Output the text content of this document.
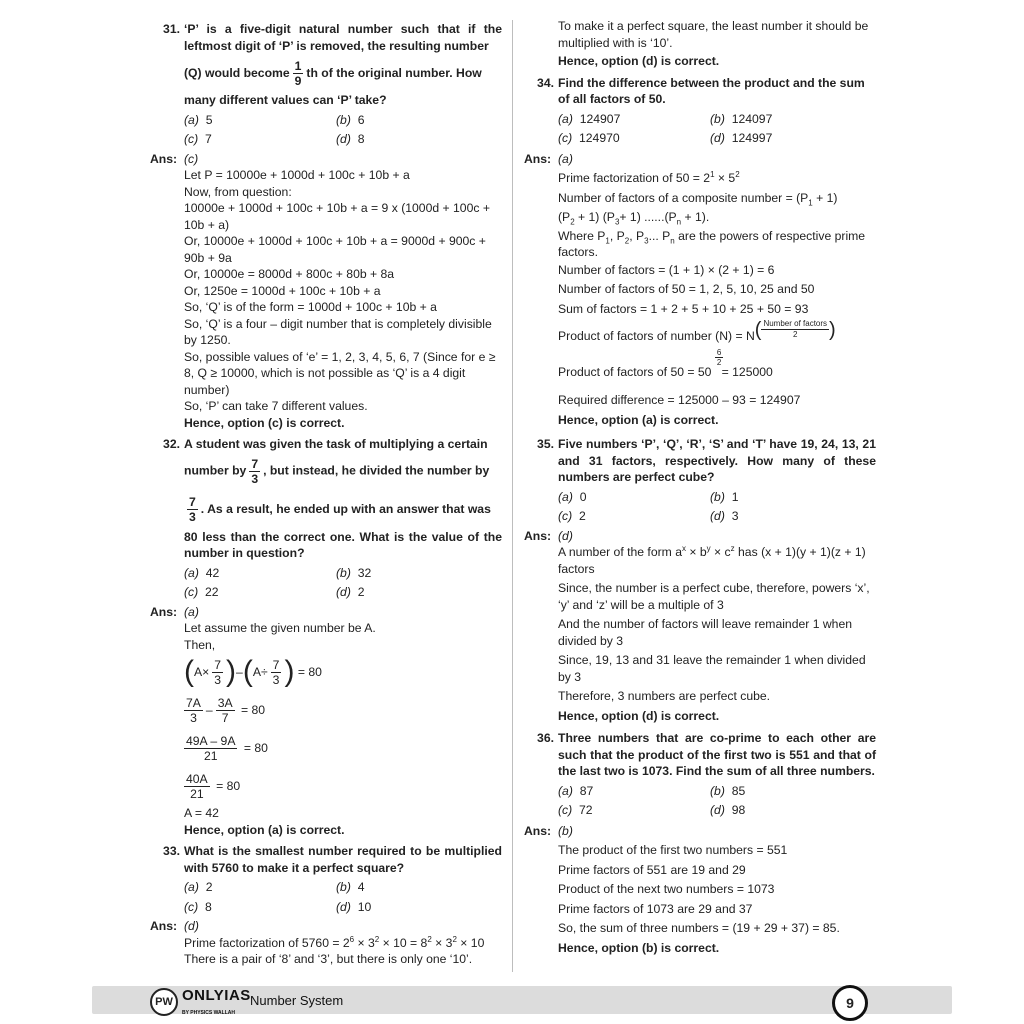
31. ‘P’ is a five-digit natural number such that if the leftmost digit of ‘P’ is removed, the resulting number
(Q) would become $\frac{1}{9}$ th of the original number. How
many different values can ‘P’ take?
(a) 5	(b) 6
(c) 7	(d) 8
Ans: (c)
Let P = 10000e + 1000d + 100c + 10b + a
Now, from question:
10000e + 1000d + 100c + 10b + a = 9 x (1000d + 100c + 10b + a)
Or, 10000e + 1000d + 100c + 10b + a = 9000d + 900c + 90b + 9a
Or, 10000e = 8000d + 800c + 80b + 8a
Or, 1250e = 1000d + 100c + 10b + a
So, ‘Q’ is of the form = 1000d + 100c + 10b + a
So, ‘Q’ is a four – digit number that is completely divisible by 1250.
So, possible values of ‘e’ = 1, 2, 3, 4, 5, 6, 7 (Since for e ≥ 8, Q ≥ 10000, which is not possible as ‘Q’ is a 4 digit number)
So, ‘P’ can take 7 different values.
Hence, option (c) is correct.
32. A student was given the task of multiplying a certain
number by $\frac{7}{3}$ , but instead, he divided the number by
$\frac{7}{3}$ . As a result, he ended up with an answer that was
80 less than the correct one. What is the value of the number in question?
(a) 42	(b) 32
(c) 22	(d) 2
Ans: (a)
Let assume the given number be A.
Then,
( $A \times \frac{7}{3}$ ) – ( $A \div \frac{7}{3}$ )
= 80
$\frac{7A}{3} - \frac{3A}{7}$
= 80
$\frac{49A - 9A}{21}$
= 80
$\frac{40A}{21}$
= 80
A = 42
Hence, option (a) is correct.
33. What is the smallest number required to be multiplied with 5760 to make it a perfect square?
(a) 2	(b) 4
(c) 8	(d) 10
Ans: (d)
Prime factorization of $5760 = 2^6 \times 3^2 \times 10 = 8^2 \times 3^2 \times 10$
There is a pair of ‘8’ and ‘3’, but there is only one ‘10’.
To make it a perfect square, the least number it should be multiplied with is ‘10’.
Hence, option (d) is correct.
34. Find the difference between the product and the sum of all factors of 50.
(a) 124907	(b) 124097
(c) 124970	(d) 124997
Ans: (a)
Prime factorization of $50 = 2^1 \times 5^2$
Number of factors of a composite number = $(P_1 + 1)$
$(P_2 + 1)$ $(P_3+ 1) ......(P_n + 1)$.
Where $P_1$, $P_2$, $P_3$... $P_n$ are the powers of respective prime factors.
Number of factors = (1 + 1) × (2 + 1) = 6
Number of factors of 50 = 1, 2, 5, 10, 25 and 50
Sum of factors = 1 + 2 + 5 + 10 + 25 + 50 = 93
Product of factors of number (N) = N ( $\frac{\text{Number of factors}}{2}$ )
Product of factors of 50 =
50
$\frac{6}{2}$

= 125000
Required difference = 125000 – 93 = 124907
Hence, option (a) is correct.
35. Five numbers ‘P’, ‘Q’, ‘R’, ‘S’ and ‘T’ have 19, 24, 13, 21 and 31 factors, respectively. How many of these numbers are perfect cube?
(a) 0	(b) 1
(c) 2	(d) 3
Ans: (d)
A number of the form $a^x \times b^y \times c^z$ has (x + 1)(y + 1)(z + 1) factors
Since, the number is a perfect cube, therefore, powers ‘x’, ‘y’ and ‘z’ will be a multiple of 3
And the number of factors will leave remainder 1 when divided by 3
Since, 19, 13 and 31 leave the remainder 1 when divided by 3
Therefore, 3 numbers are perfect cube.
Hence, option (d) is correct.
36. Three numbers that are co-prime to each other are such that the product of the first two is 551 and that of the last two is 1073. Find the sum of all three numbers.
(a) 87	(b) 85
(c) 72	(d) 98
Ans: (b)
The product of the first two numbers = 551
Prime factors of 551 are 19 and 29
Product of the next two numbers = 1073
Prime factors of 1073 are 29 and 37
So, the sum of three numbers = (19 + 29 + 37) = 85.
Hence, option (b) is correct.
PW ONLYIAS
BY PHYSICS WALLAH
Number System	9
